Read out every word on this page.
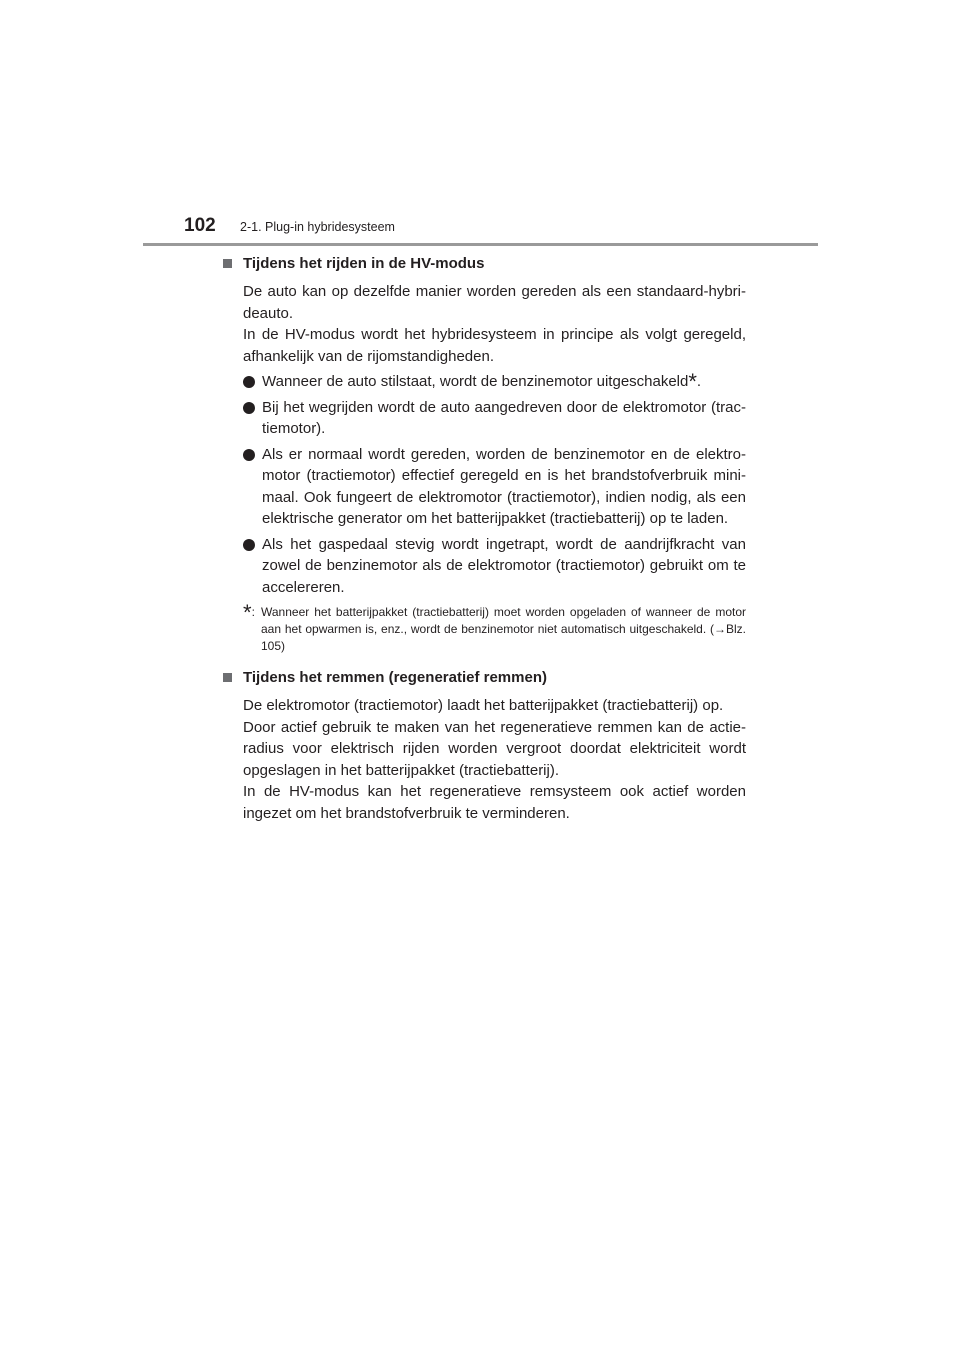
102 2-1. Plug-in hybridesysteem
Tijdens het rijden in de HV-modus

De auto kan op dezelfde manier worden gereden als een standaard-hybri-deauto.

In de HV-modus wordt het hybridesysteem in principe als volgt geregeld, afhankelijk van de rijomstandigheden.

Wanneer de auto stilstaat, wordt de benzinemotor uitgeschakeld*.
Bij het wegrijden wordt de auto aangedreven door de elektromotor (trac-tiemotor).
Als er normaal wordt gereden, worden de benzinemotor en de elektro-motor (tractiemotor) effectief geregeld en is het brandstofverbruik mini-maal. Ook fungeert de elektromotor (tractiemotor), indien nodig, als een elektrische generator om het batterijpakket (tractiebatterij) op te laden.
Als het gaspedaal stevig wordt ingetrapt, wordt de aandrijfkracht van zowel de benzinemotor als de elektromotor (tractiemotor) gebruikt om te accelereren.
*: Wanneer het batterijpakket (tractiebatterij) moet worden opgeladen of wanneer de motor aan het opwarmen is, enz., wordt de benzinemotor niet automatisch uitgeschakeld. (→Blz. 105)
Tijdens het remmen (regeneratief remmen)

De elektromotor (tractiemotor) laadt het batterijpakket (tractiebatterij) op.

Door actief gebruik te maken van het regeneratieve remmen kan de actie-radius voor elektrisch rijden worden vergroot doordat elektriciteit wordt opgeslagen in het batterijpakket (tractiebatterij).

In de HV-modus kan het regeneratieve remsysteem ook actief worden ingezet om het brandstofverbruik te verminderen.
